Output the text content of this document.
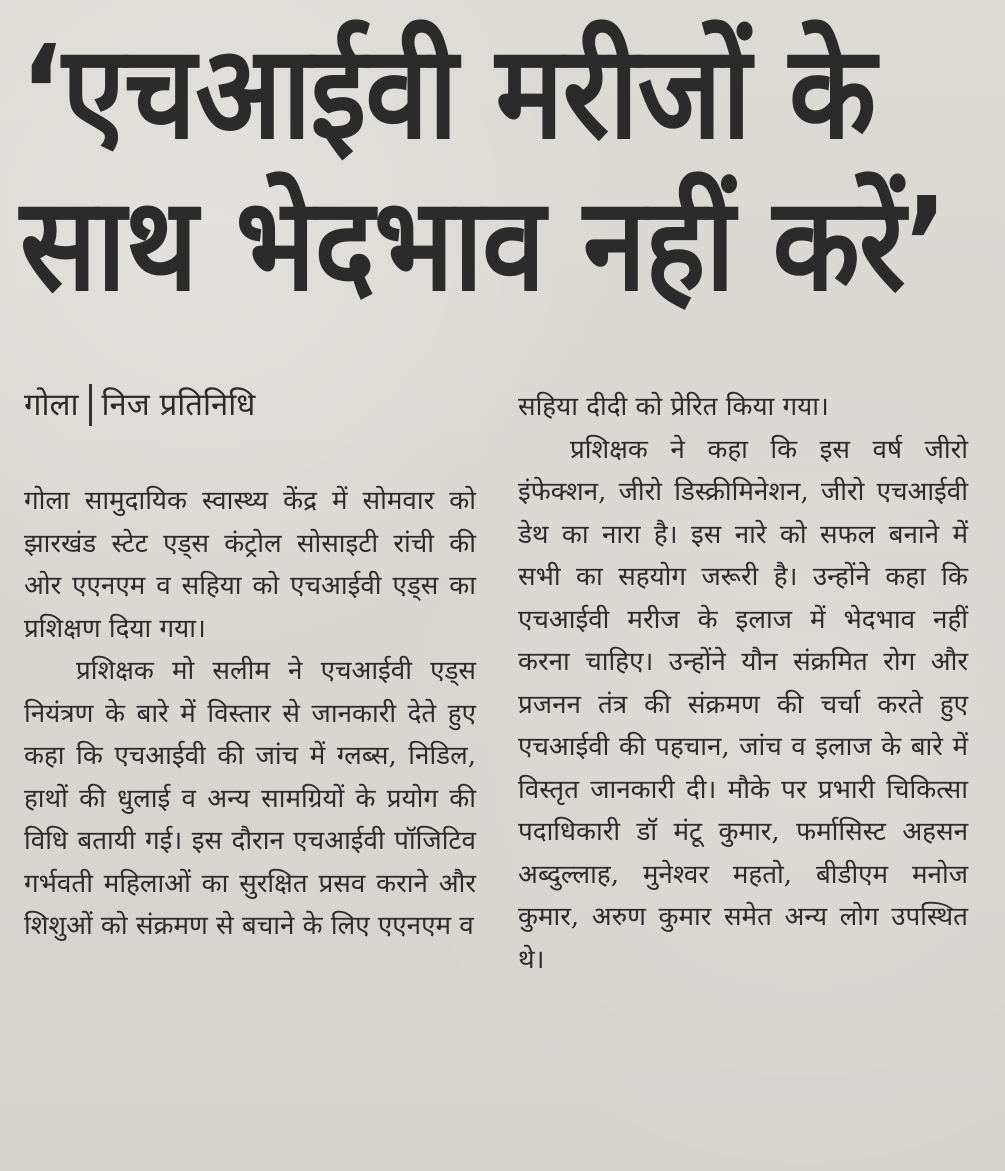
‘एचआईवी मरीजों के
साथ भेदभाव नहीं करें’
गोला निज प्रतिनिधि

गोला सामुदायिक स्वास्थ्य केंद्र में सोमवार को झारखंड स्टेट एड्स कंट्रोल सोसाइटी रांची की ओर एएनएम व सहिया को एचआईवी एड्स का प्रशिक्षण दिया गया।

प्रशिक्षक मो सलीम ने एचआईवी एड्स नियंत्रण के बारे में विस्तार से जानकारी देते हुए कहा कि एचआईवी की जांच में ग्लब्स, निडिल, हाथों की धुलाई व अन्य सामग्रियों के प्रयोग की विधि बतायी गई। इस दौरान एचआईवी पॉजिटिव गर्भवती महिलाओं का सुरक्षित प्रसव कराने और शिशुओं को संक्रमण से बचाने के लिए एएनएम व

सहिया दीदी को प्रेरित किया गया।

प्रशिक्षक ने कहा कि इस वर्ष जीरो इंफेक्शन, जीरो डिस्क्रीमिनेशन, जीरो एचआईवी डेथ का नारा है। इस नारे को सफल बनाने में सभी का सहयोग जरूरी है। उन्होंने कहा कि एचआईवी मरीज के इलाज में भेदभाव नहीं करना चाहिए। उन्होंने यौन संक्रमित रोग और प्रजनन तंत्र की संक्रमण की चर्चा करते हुए एचआईवी की पहचान, जांच व इलाज के बारे में विस्तृत जानकारी दी। मौके पर प्रभारी चिकित्सा पदाधिकारी डॉ मंटू कुमार, फर्मासिस्ट अहसन अब्दुल्लाह, मुनेश्वर महतो, बीडीएम मनोज कुमार, अरुण कुमार समेत अन्य लोग उपस्थित थे।
